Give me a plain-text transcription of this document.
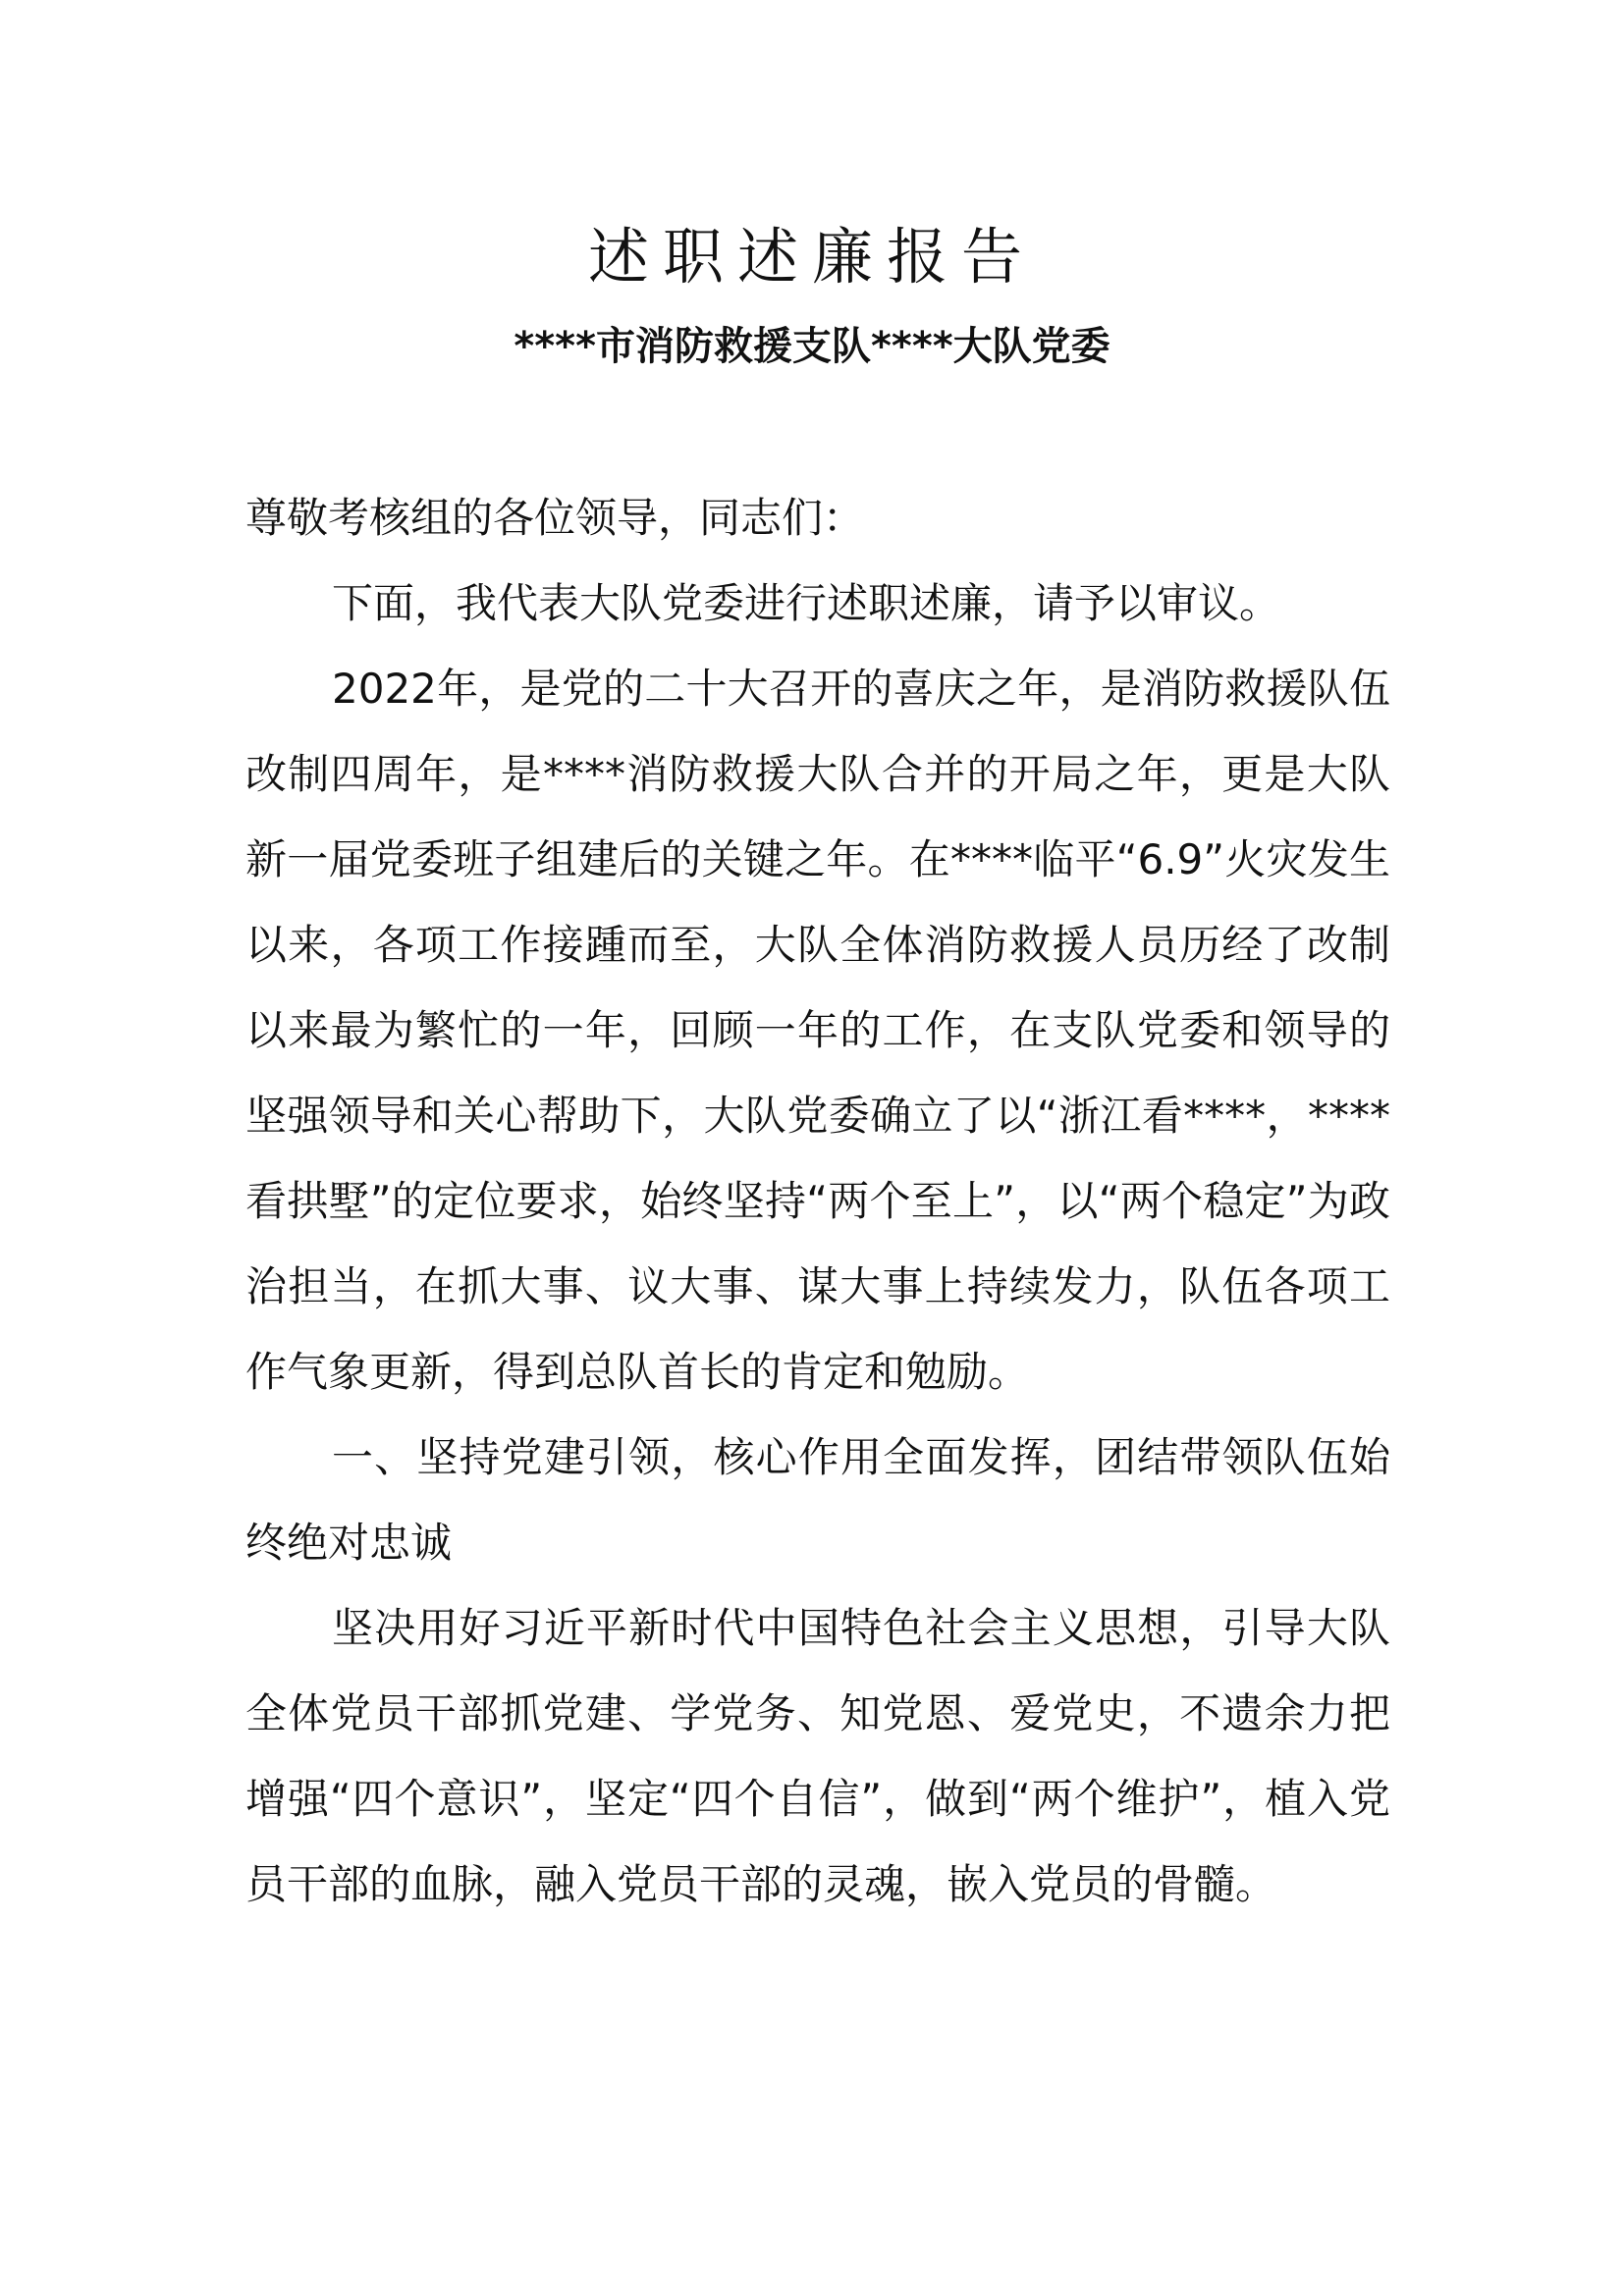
述职述廉报告
****市消防救援支队****大队党委

尊敬考核组的各位领导，同志们：

下面，我代表大队党委进行述职述廉，请予以审议。

2022年，是党的二十大召开的喜庆之年，是消防救援队伍改制四周年，是****消防救援大队合并的开局之年，更是大队新一届党委班子组建后的关键之年。在****临平“6.9”火灾发生以来，各项工作接踵而至，大队全体消防救援人员历经了改制以来最为繁忙的一年，回顾一年的工作，在支队党委和领导的坚强领导和关心帮助下，大队党委确立了以“浙江看****，****看拱墅”的定位要求，始终坚持“两个至上”，以“两个稳定”为政治担当，在抓大事、议大事、谋大事上持续发力，队伍各项工作气象更新，得到总队首长的肯定和勉励。

一、坚持党建引领，核心作用全面发挥，团结带领队伍始终绝对忠诚

坚决用好习近平新时代中国特色社会主义思想，引导大队全体党员干部抓党建、学党务、知党恩、爱党史，不遗余力把增强“四个意识”，坚定“四个自信”，做到“两个维护”，植入党员干部的血脉，融入党员干部的灵魂，嵌入党员的骨髓。
